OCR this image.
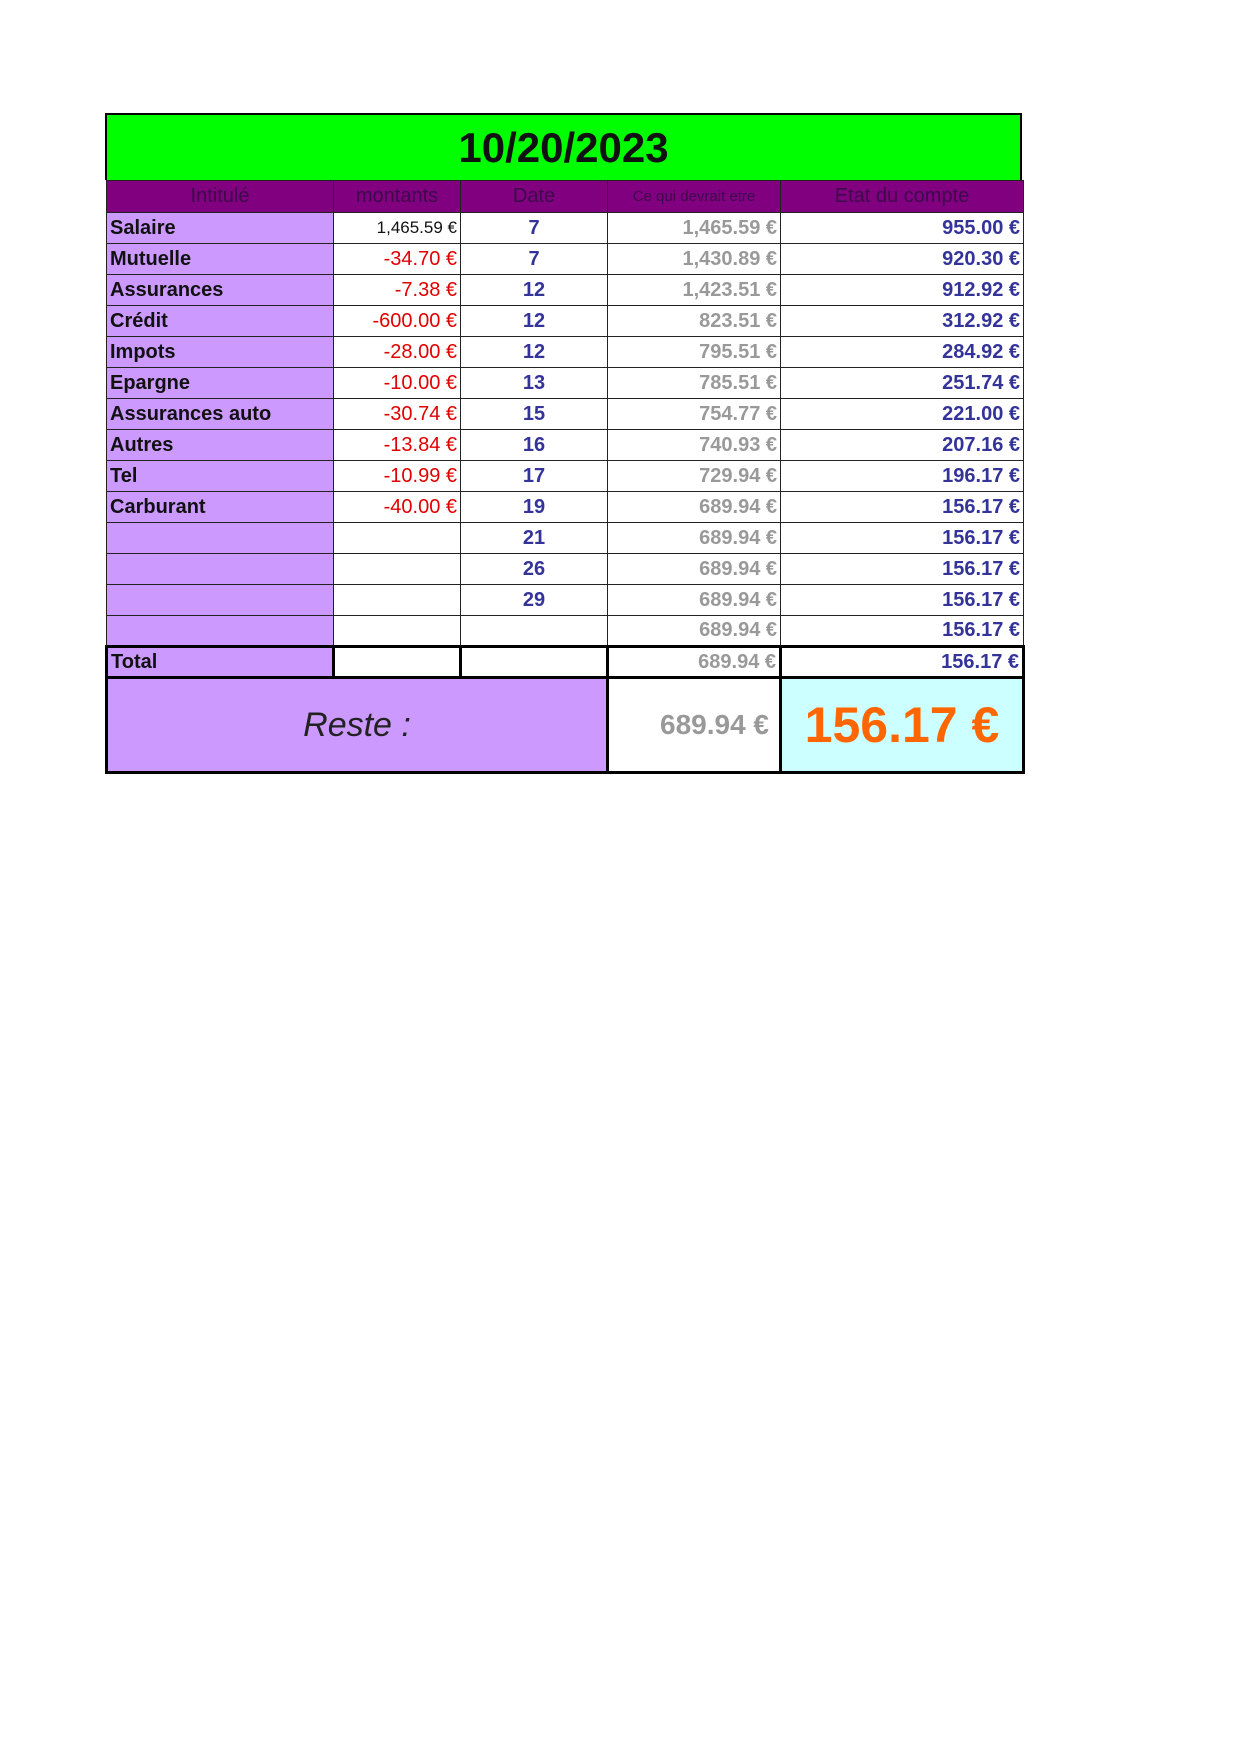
10/20/2023
Intitulé	montants	Date	Ce qui devrait etre	Etat du compte
Salaire	1,465.59 €	7	1,465.59 €	955.00 €
Mutuelle	-34.70 €	7	1,430.89 €	920.30 €
Assurances	-7.38 €	12	1,423.51 €	912.92 €
Crédit	-600.00 €	12	823.51 €	312.92 €
Impots	-28.00 €	12	795.51 €	284.92 €
Epargne	-10.00 €	13	785.51 €	251.74 €
Assurances auto	-30.74 €	15	754.77 €	221.00 €
Autres	-13.84 €	16	740.93 €	207.16 €
Tel	-10.99 €	17	729.94 €	196.17 €
Carburant	-40.00 €	19	689.94 €	156.17 €
		21	689.94 €	156.17 €
		26	689.94 €	156.17 €
		29	689.94 €	156.17 €
			689.94 €	156.17 €
Total			689.94 €	156.17 €
Reste :			689.94 €	156.17 €
